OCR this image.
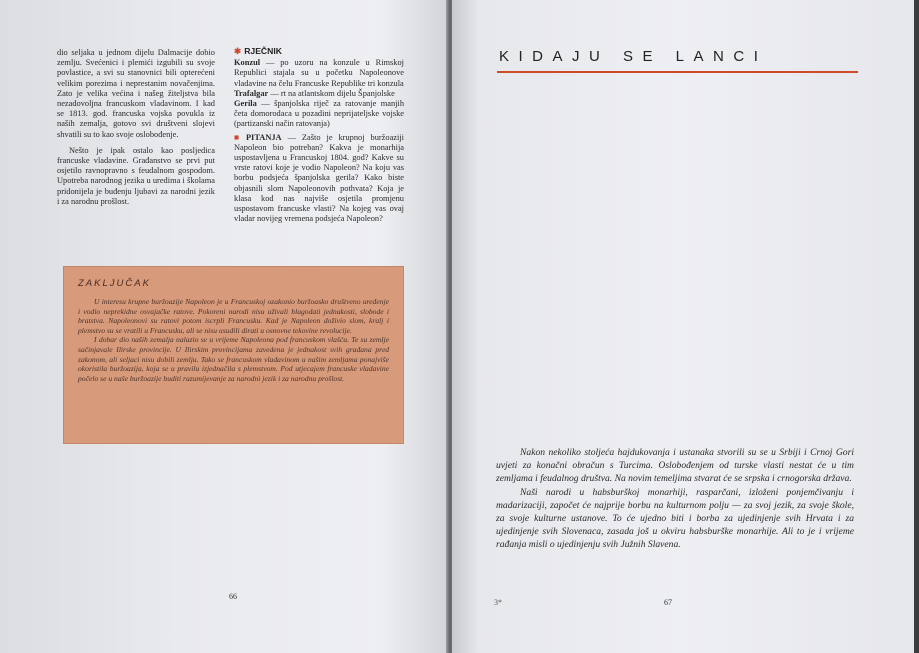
dio seljaka u jednom dijelu Dalmacije dobio zemlju. Svećenici i plemići izgubili su svoje povlastice, a svi su stanovnici bili opterećeni velikim porezima i neprestanim novačenjima. Zato je velika većina i našeg žiteljstva bila nezadovoljna francuskom vladavinom. I kad se 1813. god. francuska vojska povukla iz naših zemalja, gotovo svi društveni slojevi shvatili su to kao svoje oslobođenje.

Nešto je ipak ostalo kao posljedica francuske vladavine. Građanstvo se prvi put osjetilo ravnopravno s feudalnom gospodom. Upotreba narodnog jezika u uredima i školama pridonijela je buđenju ljubavi za narodni jezik i za narodnu prošlost.

✱ RJEČNIK
Konzul — po uzoru na konzule u Rimskoj Republici stajala su u početku Napoleonove vladavine na čelu Francuske Republike tri konzula
Trafalgar — rt na atlantskom dijelu Španjolske
Gerila — španjolska riječ za ratovanje manjih četa domorodaca u pozadini neprijateljske vojske (partizanski način ratovanja)
■ PITANJA — Zašto je krupnoj buržoaziji Napoleon bio potreban? Kakva je monarhija uspostavljena u Francuskoj 1804. god? Kakve su vrste ratovi koje je vodio Napoleon? Na koju vas borbu podsjeća španjolska gerila? Kako biste objasnili slom Napoleonovih pothvata? Koja je klasa kod nas najviše osjetila promjenu uspostavom francuske vlasti? Na kojeg vas ovaj vladar novijeg vremena podsjeća Napoleon?
ZAKLJUČAK

U interesu krupne buržoazije Napoleon je u Francuskoj ozakonio buržoasko društveno uređenje i vodio neprekidne osvajačke ratove. Pokoreni narodi nisu uživali blagodati jednakosti, slobode i bratstva. Napoleonovi su ratovi potom iscrpli Francusku. Kad je Napoleon doživio slom, kralj i plemstvo su se vratili u Francusku, ali se nisu usudili dirati u osnovne tekovine revolucije.

I dobar dio naših zemalja nalazio se u vrijeme Napoleona pod francuskom vlašću. Te su zemlje sačinjavale Ilirske provincije. U Ilirskim provincijama zavedena je jednakost svih građana pred zakonom, ali seljaci nisu dobili zemlju. Tako se francuskom vladavinom u našim zemljama ponajviše okoristila buržoazija, koja se u pravilu izjednačila s plemstvom. Pod utjecajem francuske vladavine počelo se u naše buržoazije buditi razumijevanje za narodni jezik i za narodnu prošlost.

66
KIDAJU SE LANCI

Nakon nekoliko stoljeća hajdukovanja i ustanaka stvorili su se u Srbiji i Crnoj Gori uvjeti za konačni obračun s Turcima. Oslobođenjem od turske vlasti nestat će u tim zemljama i feudalnog društva. Na novim temeljima stvarat će se srpska i crnogorska država.

Naši narodi u habsburškoj monarhiji, rasparčani, izloženi ponjemčivanju i madarizaciji, započet će najprije borbu na kulturnom polju — za svoj jezik, za svoje škole, za svoje kulturne ustanove. To će ujedno biti i borba za ujedinjenje svih Hrvata i za ujedinjenje svih Slovenaca, zasada još u okviru habsburške monarhije. Ali to je i vrijeme rađanja misli o ujedinjenju svih Južnih Slavena.

3*	67
